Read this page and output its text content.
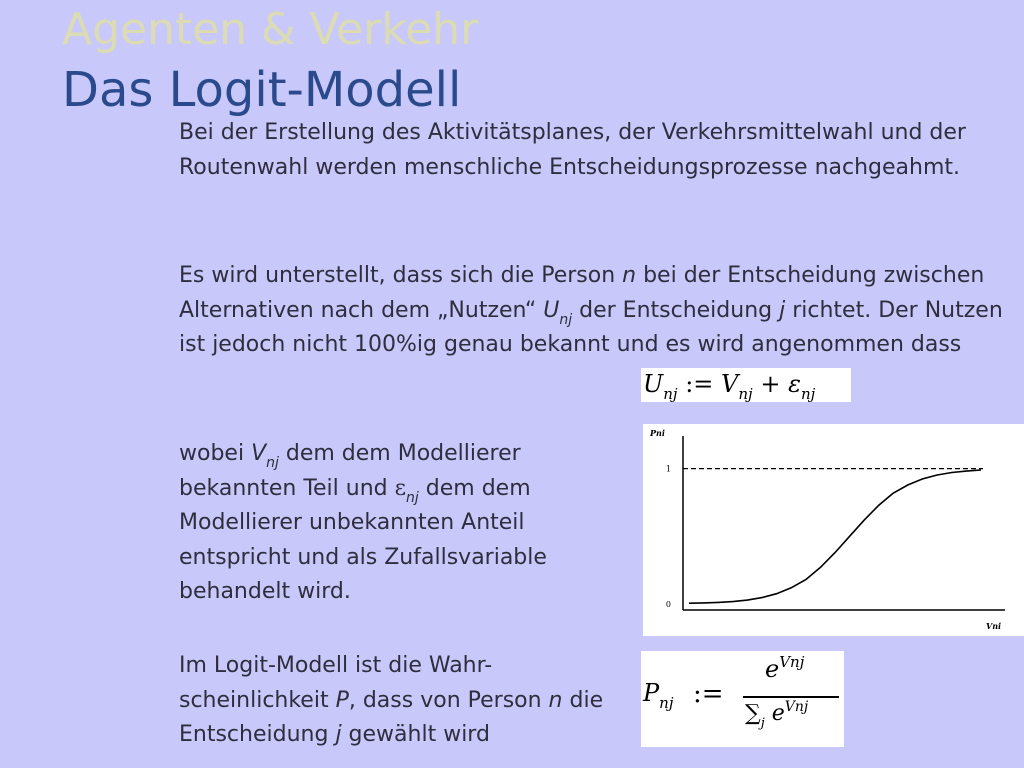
Agenten & Verkehr
Das Logit-Modell
Bei der Erstellung des Aktivitätsplanes, der Verkehrsmittelwahl und der Routenwahl werden menschliche Entscheidungsprozesse nachgeahmt.
Es wird unterstellt, dass sich die Person n bei der Entscheidung zwischen Alternativen nach dem „Nutzen“ $U_{nj}$ der Entscheidung j richtet. Der Nutzen ist jedoch nicht 100%ig genau bekannt und es wird angenommen dass
wobei $V_{nj}$ dem dem Modellierer bekannten Teil und $\varepsilon_{nj}$ dem dem Modellierer unbekannten Anteil entspricht und als Zufallsvariable behandelt wird.
Im Logit-Modell ist die Wahr-scheinlichkeit P, dass von Person n die Entscheidung j gewählt wird
$U_{nj}$ := $V_{nj} + \varepsilon_{nj}$
1
0
Pni
Vni
$P_{nj}$ :=
$e^{Vnj}$
$\sum_j$ $e^{Vnj}$
